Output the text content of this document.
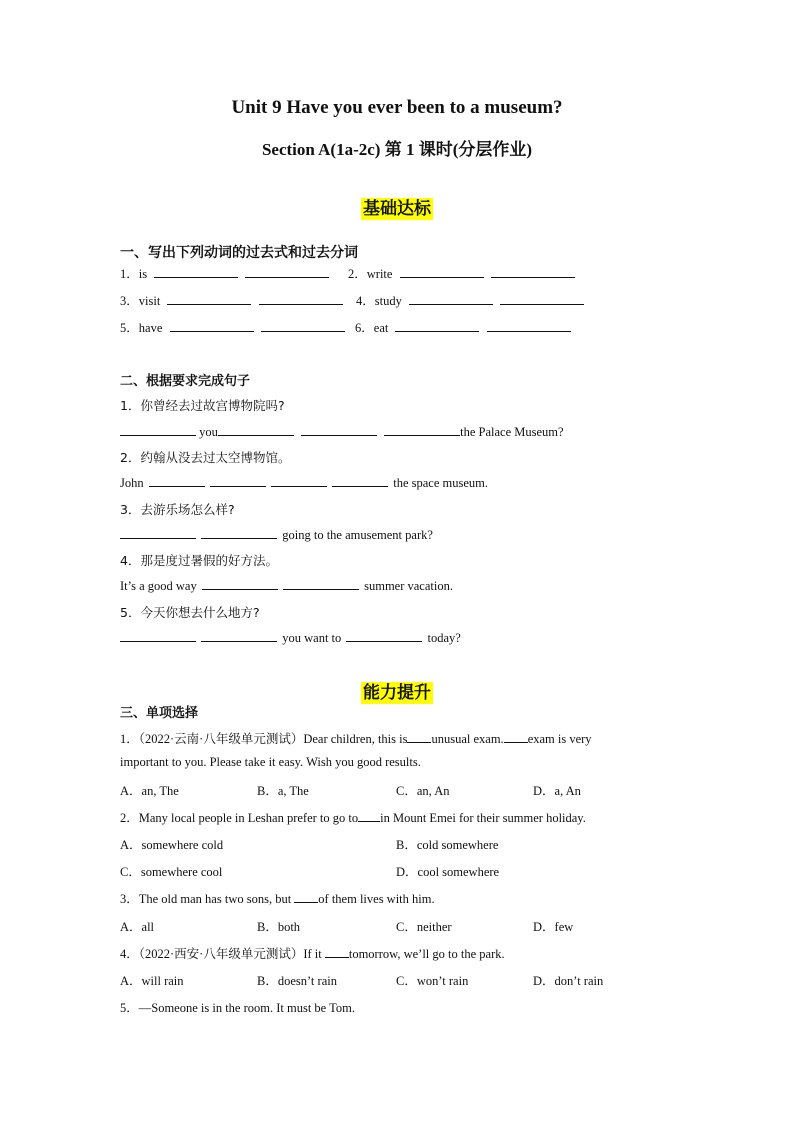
Unit 9 Have you ever been to a museum?
Section A(1a-2c) 第 1 课时(分层作业)
基础达标
一、写出下列动词的过去式和过去分词
1．is	2．write
3．visit	4．study
5．have	6．eat
二、根据要求完成句子
1．你曾经去过故宫博物院吗?
you	the Palace Museum?
2．约翰从没去过太空博物馆。
John	the space museum.
3．去游乐场怎么样?
going to the amusement park?
4．那是度过暑假的好方法。
It’s a good way	summer vacation.
5．今天你想去什么地方?
you want to	today?
能力提升
三、单项选择
1．（2022·云南·八年级单元测试）Dear children, this is unusual exam. exam is very
important to you. Please take it easy. Wish you good results.
A．an, The	B．a, The	C．an, An	D．a, An
2．Many local people in Leshan prefer to go to in Mount Emei for their summer holiday.
A．somewhere cold	B．cold somewhere
C．somewhere cool	D．cool somewhere
3．The old man has two sons, but of them lives with him.
A．all	B．both	C．neither	D．few
4．（2022·西安·八年级单元测试）If it tomorrow, we’ll go to the park.
A．will rain	B．doesn’t rain	C．won’t rain	D．don’t rain
5．—Someone is in the room. It must be Tom.
